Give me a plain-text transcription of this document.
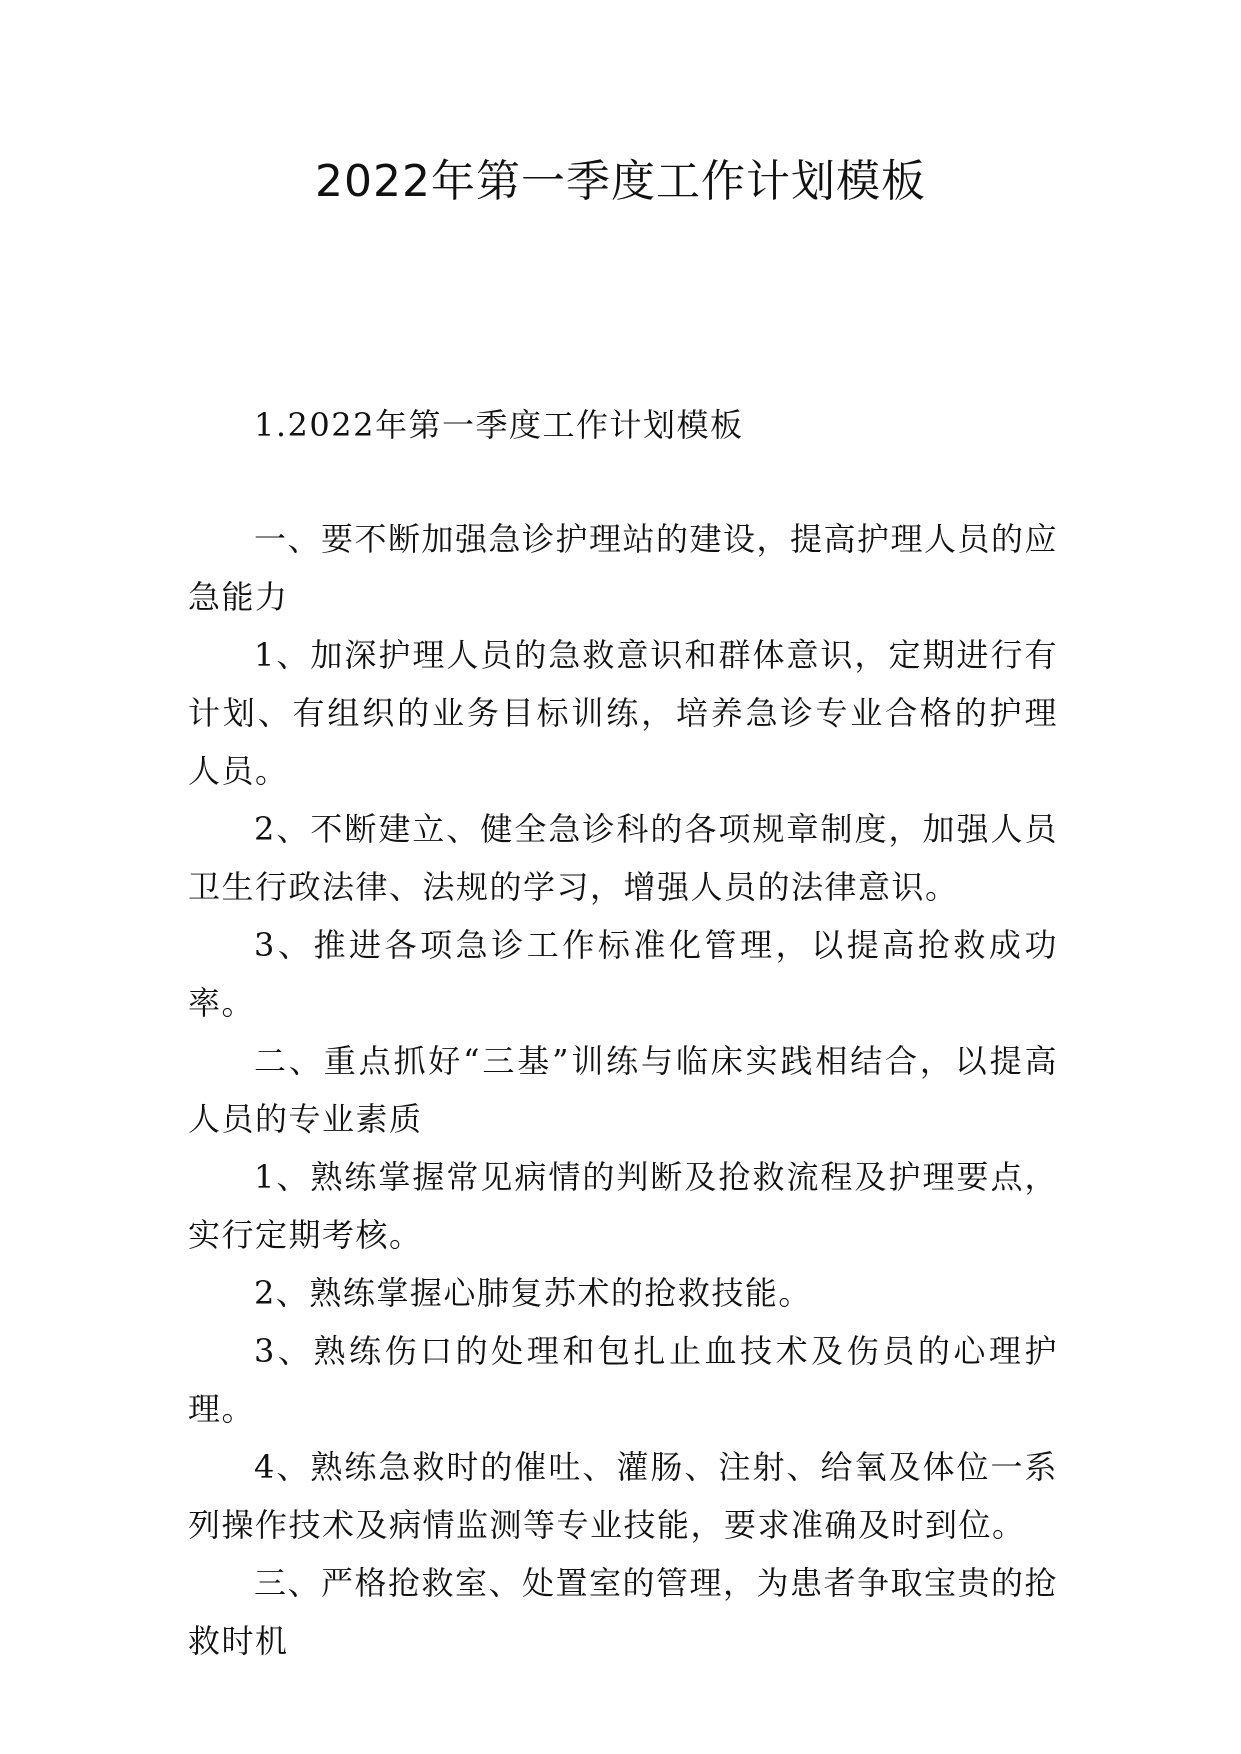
2022年第一季度工作计划模板

1.2022年第一季度工作计划模板

一、要不断加强急诊护理站的建设，提高护理人员的应急能力

1、加深护理人员的急救意识和群体意识，定期进行有计划、有组织的业务目标训练，培养急诊专业合格的护理人员。

2、不断建立、健全急诊科的各项规章制度，加强人员卫生行政法律、法规的学习，增强人员的法律意识。

3、推进各项急诊工作标准化管理，以提高抢救成功率。

二、重点抓好“三基”训练与临床实践相结合，以提高人员的专业素质

1、熟练掌握常见病情的判断及抢救流程及护理要点，实行定期考核。

2、熟练掌握心肺复苏术的抢救技能。

3、熟练伤口的处理和包扎止血技术及伤员的心理护理。

4、熟练急救时的催吐、灌肠、注射、给氧及体位一系列操作技术及病情监测等专业技能，要求准确及时到位。

三、严格抢救室、处置室的管理，为患者争取宝贵的抢救时机
